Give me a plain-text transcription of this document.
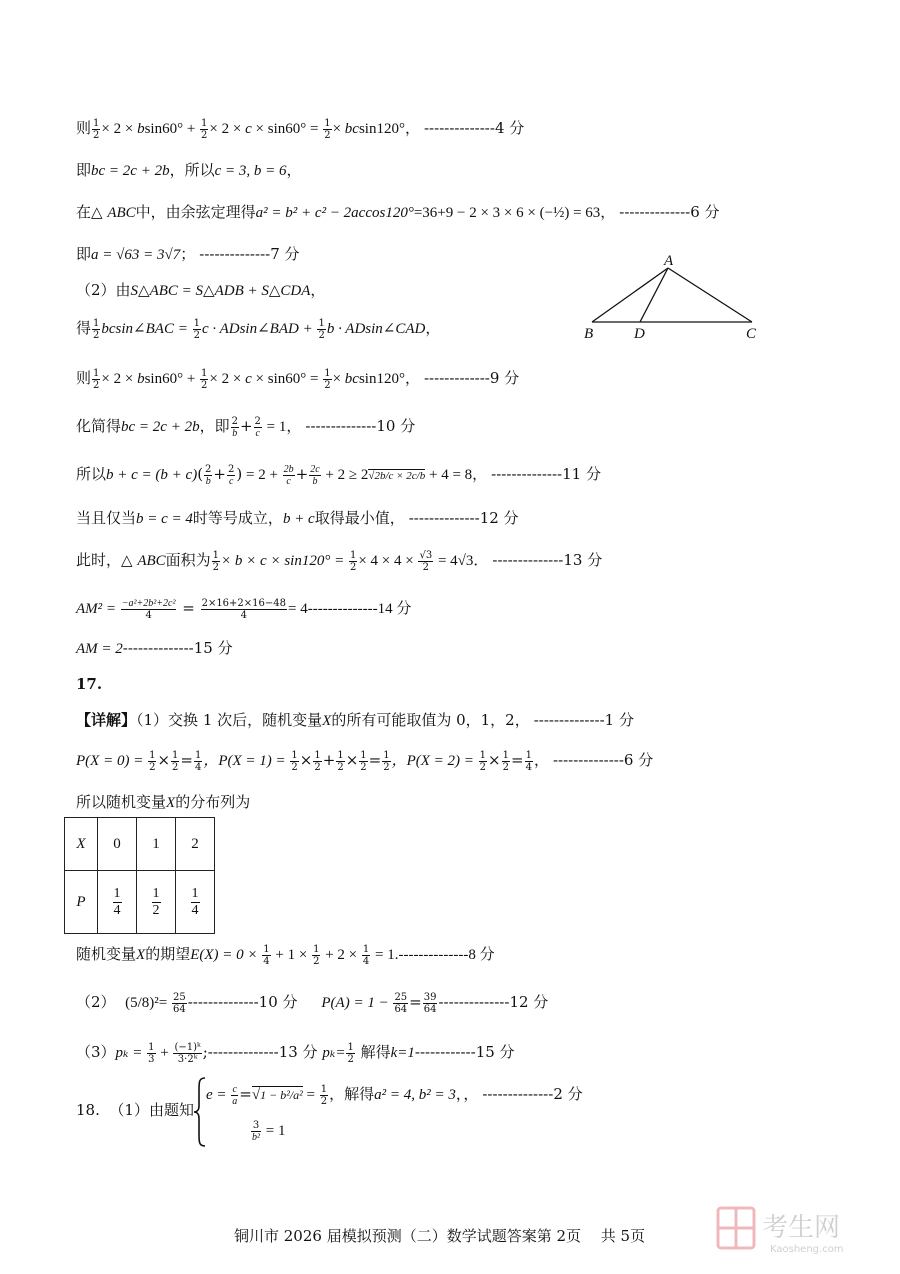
则 $\frac{1}{2} \times 2 \times bsin60^\circ + \frac{1}{2} \times 2 \times c \times \sin 60^\circ = \frac{1}{2} \times bcsin120^\circ$， --------------4 分
即bc = 2c + 2b，所以c = 3, b = 6，
在△ ABC中，由余弦定理得a² = b² + c² − 2accos120°=36+9 − 2 × 3 × 6 × (−½) = 63， --------------6 分
即a = √63 = 3√7； --------------7 分
（2）由S△ABC = S△ADB + S△CDA，
得 $\frac{1}{2}$ bcsin∠BAC = $\frac{1}{2}$ c · ADsin∠BAD + $\frac{1}{2}$ b · ADsin∠CAD，
则 $\frac{1}{2} \times 2 \times bsin60^\circ + \frac{1}{2} \times 2 \times c \times \sin 60^\circ = \frac{1}{2} \times bcsin120^\circ$， -------------9 分
化简得bc = 2c + 2b，即 $\frac{2}{b} + \frac{2}{c} = 1$， --------------10 分
所以$b + c = (b + c)( \frac{2}{b} + \frac{2}{c}$ ) = $2 + \frac{2b}{c} + \frac{2c}{b} + 2 \ge 2√2b/c \times 2c/b + 4 = 8$， --------------11 分
当且仅当b = c = 4时等号成立，b + c取得最小值， --------------12 分
此时，△ ABC面积为 $\frac{1}{2} \times b \times c \times \sin 120^\circ = \frac{1}{2} \times 4 \times 4 \times \frac{√3}{2} = 4√3$． --------------13 分
$AM^2 = \frac{\text{−a²+2b²+2c²}}{4} = \frac{2\times 16+2\times 16-48}{4} = 4--------------14$ 分
AM = 2--------------15 分
17.
【详解】（1）交换 1 次后，随机变量X的所有可能取值为 0，1，2， --------------1 分
$P(X = 0) = \frac{1}{2} \times \frac{1}{2} = \frac{1}{4}$ ，$P(X = 1) = \frac{1}{2} \times \frac{1}{2} + \frac{1}{2} \times \frac{1}{2} = \frac{1}{2}$ ，$P(X = 2) = \frac{1}{2} \times \frac{1}{2} = \frac{1}{4}$ ， --------------6 分
所以随机变量X的分布列为
X	0	1	2
P	$\frac{1}{4}$	$\frac{1}{2}$	$\frac{1}{4}$
随机变量X的期望$E(X) = 0 \times \frac{1}{4} + 1 \times \frac{1}{2} + 2 \times \frac{1}{4} = 1.--------------8$ 分
（2） $(5/8)^2= \frac{25}{64} --------------10$ 分 $P(A) = 1 - \frac{25}{64} = \frac{39}{64} --------------12$ 分
$(3)p_k = \frac{1}{3} + \frac{\text{(−1)ᵏ}}{\text{3·2ᵏ}}$ ;--------------13 分 $p_k= \frac{1}{2}$ 解得k=1------------15 分
18. （1）由题知
$e = \frac{c}{a} =√1 - b^2/a^2 = \frac{1}{2}$ ，解得a² = 4, b² = 3，， --------------2 分
$\frac{3}{\text{b²}} = 1$
A
B	D	C
铜川市 2026 届模拟预测（二）数学试题答案第 2页　 共 5页	考生网
Kaosheng.com
